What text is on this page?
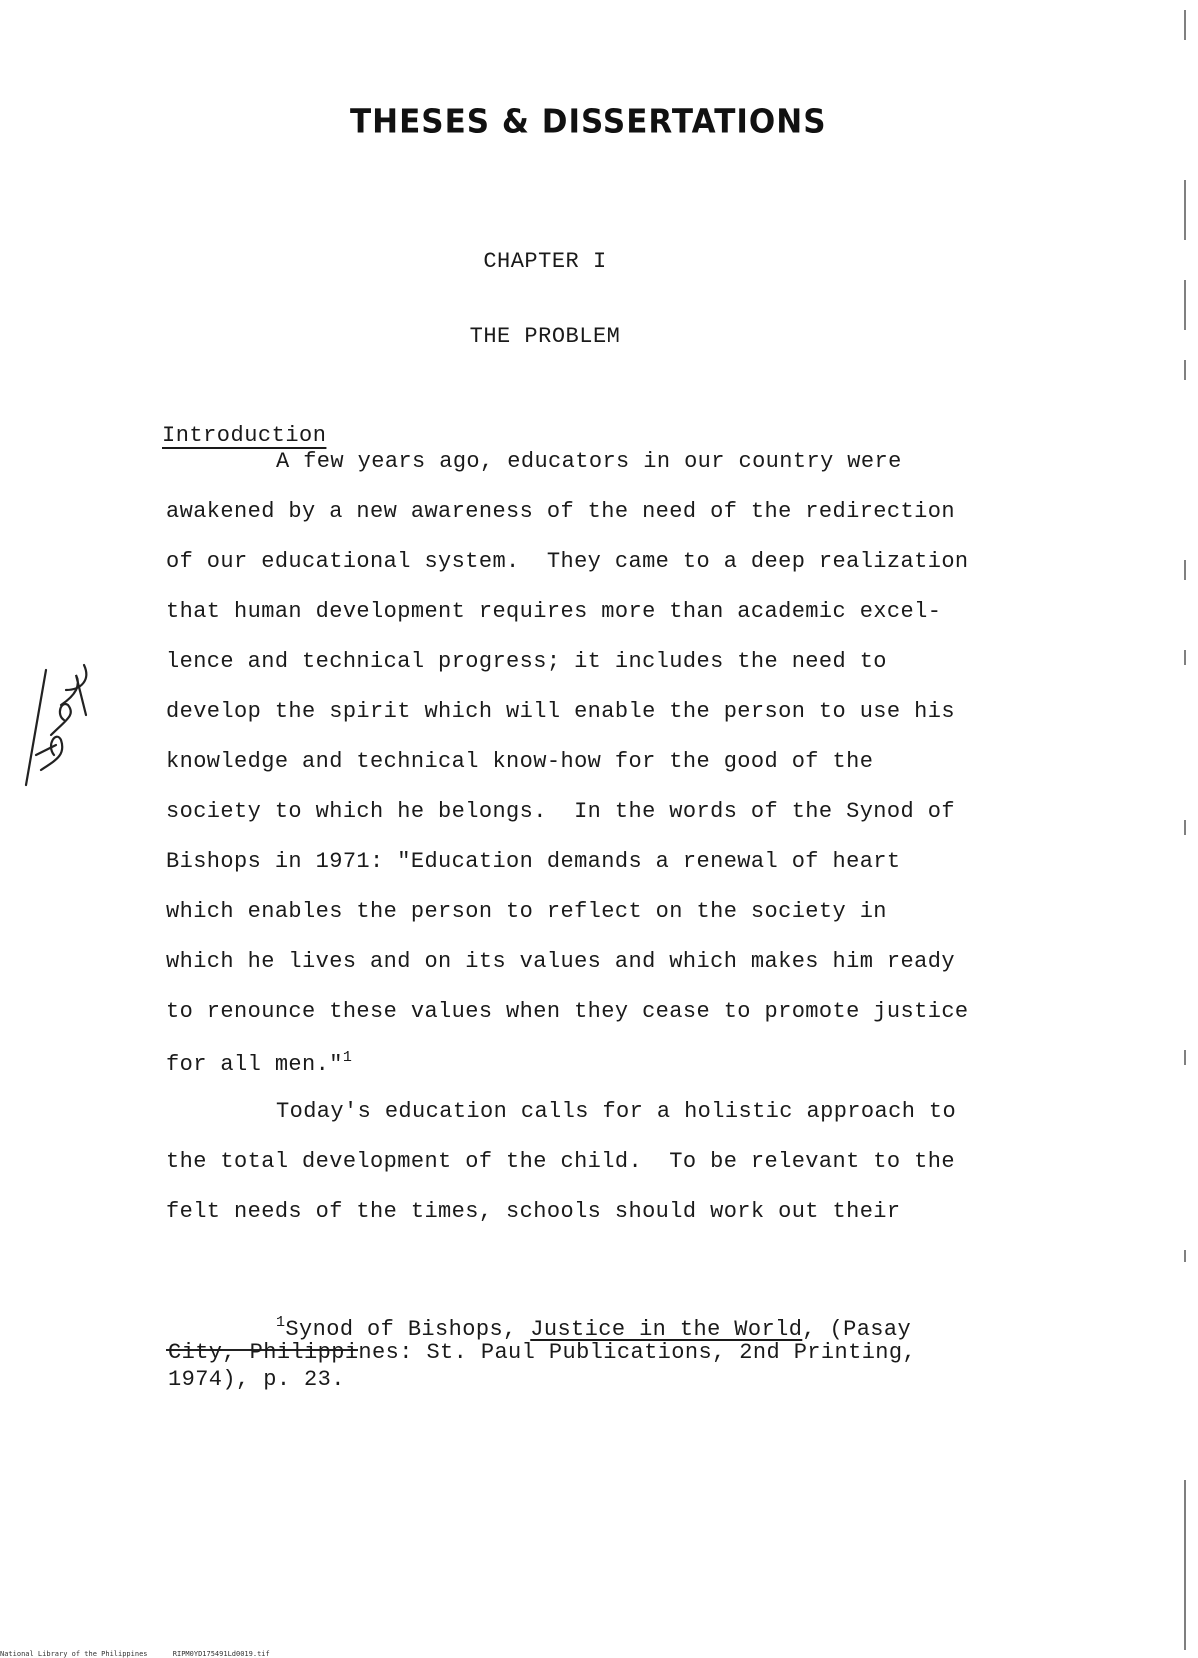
THESES & DISSERTATIONS
CHAPTER I
THE PROBLEM
Introduction
A few years ago, educators in our country were
awakened by a new awareness of the need of the redirection
of our educational system.  They came to a deep realization
that human development requires more than academic excel-
lence and technical progress; it includes the need to
develop the spirit which will enable the person to use his
knowledge and technical know-how for the good of the
society to which he belongs.  In the words of the Synod of
Bishops in 1971: "Education demands a renewal of heart
which enables the person to reflect on the society in
which he lives and on its values and which makes him ready
to renounce these values when they cease to promote justice
for all men."$^1$
Today's education calls for a holistic approach to
the total development of the child.  To be relevant to the
felt needs of the times, schools should work out their
$^1$Synod of Bishops, Justice in the World, (Pasay
City, Philippines: St. Paul Publications, 2nd Printing,
1974), p. 23.
National Library of the Philippines      RIPM0YD175491Ld0019.tif
